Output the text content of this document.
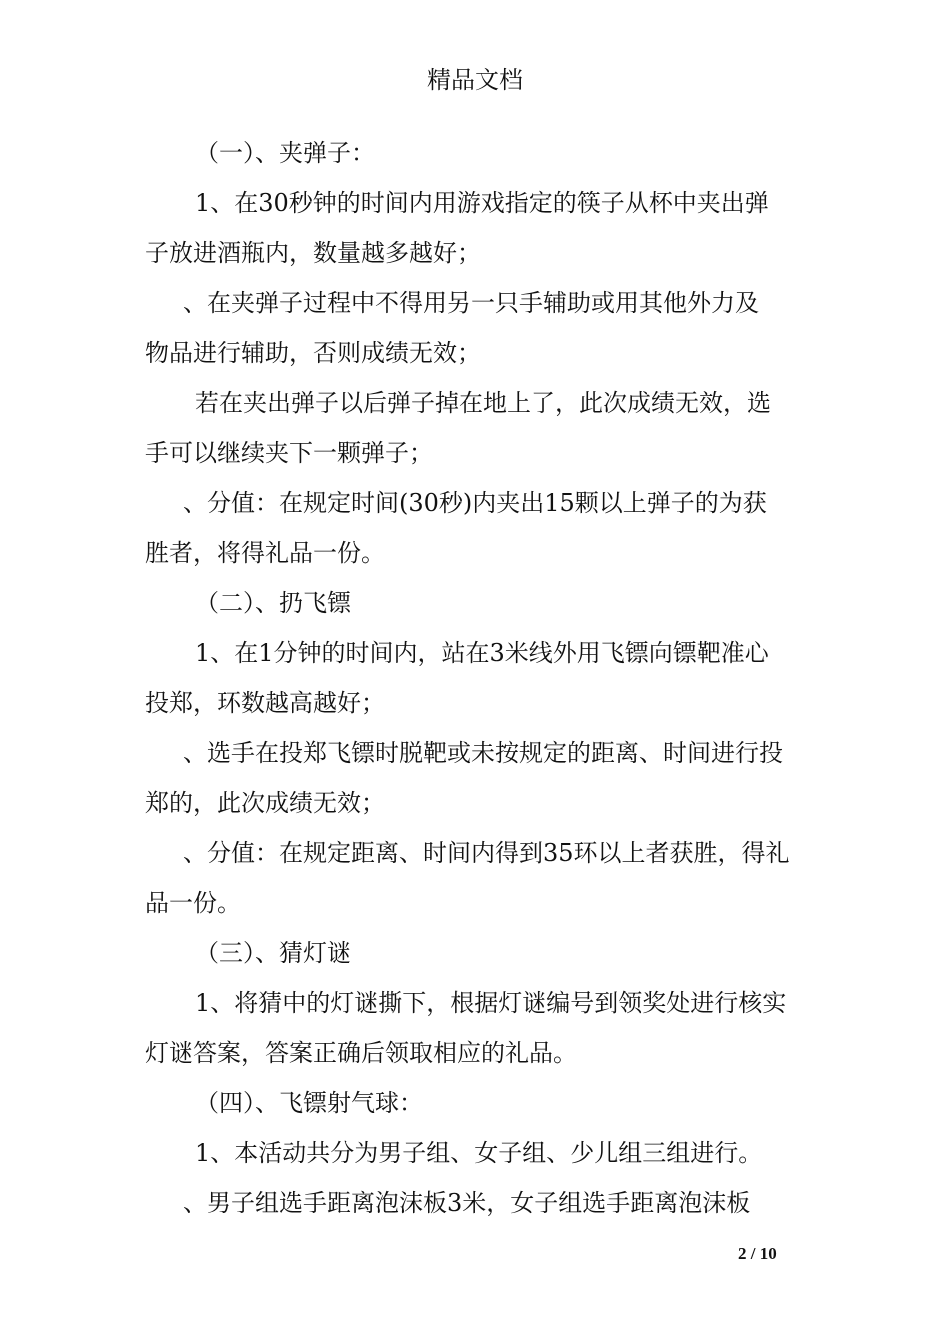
精品文档

（一）、夹弹子：

1、在30秒钟的时间内用游戏指定的筷子从杯中夹出弹

子放进酒瓶内，数量越多越好；

、在夹弹子过程中不得用另一只手辅助或用其他外力及

物品进行辅助，否则成绩无效；

若在夹出弹子以后弹子掉在地上了，此次成绩无效，选

手可以继续夹下一颗弹子；

、分值：在规定时间(30秒)内夹出15颗以上弹子的为获

胜者，将得礼品一份。

（二）、扔飞镖

1、在1分钟的时间内，站在3米线外用飞镖向镖靶准心

投郑，环数越高越好；

、选手在投郑飞镖时脱靶或未按规定的距离、时间进行投

郑的，此次成绩无效；

、分值：在规定距离、时间内得到35环以上者获胜，得礼

品一份。

（三）、猜灯谜

1、将猜中的灯谜撕下，根据灯谜编号到领奖处进行核实

灯谜答案，答案正确后领取相应的礼品。

（四）、飞镖射气球：

1、本活动共分为男子组、女子组、少儿组三组进行。

、男子组选手距离泡沫板3米，女子组选手距离泡沫板

2 / 10
